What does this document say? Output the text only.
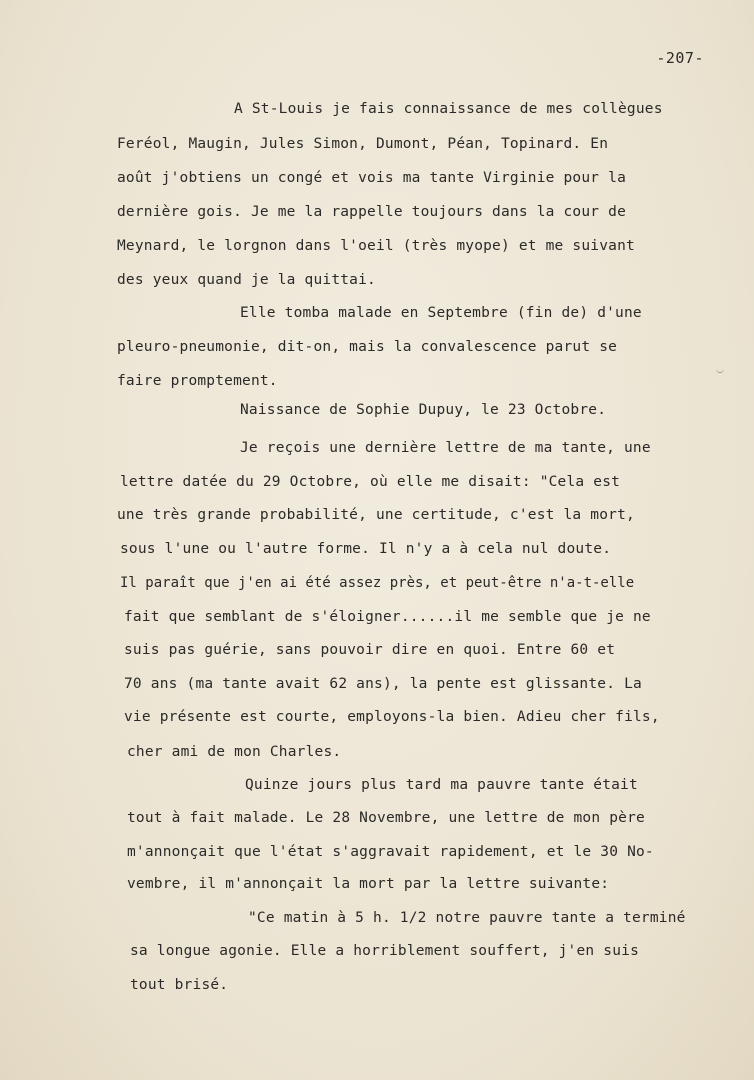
-207-
A St-Louis je fais connaissance de mes collègues
Feréol, Maugin, Jules Simon, Dumont, Péan, Topinard. En
août j'obtiens un congé et vois ma tante Virginie pour la
dernière gois. Je me la rappelle toujours dans la cour de
Meynard, le lorgnon dans l'oeil (très myope) et me suivant
des yeux quand je la quittai.
Elle tomba malade en Septembre (fin de) d'une
pleuro-pneumonie, dit-on, mais la convalescence parut se
faire promptement.
Naissance de Sophie Dupuy, le 23 Octobre.
Je reçois une dernière lettre de ma tante, une
lettre datée du 29 Octobre, où elle me disait: "Cela est
une très grande probabilité, une certitude, c'est la mort,
sous l'une ou l'autre forme. Il n'y a à cela nul doute.
Il paraît que j'en ai été assez près, et peut-être n'a-t-elle
fait que semblant de s'éloigner......il me semble que je ne
suis pas guérie, sans pouvoir dire en quoi. Entre 60 et
70 ans (ma tante avait 62 ans), la pente est glissante. La
vie présente est courte, employons-la bien. Adieu cher fils,
cher ami de mon Charles.
Quinze jours plus tard ma pauvre tante était
tout à fait malade. Le 28 Novembre, une lettre de mon père
m'annonçait que l'état s'aggravait rapidement, et le 30 No-
vembre, il m'annonçait la mort par la lettre suivante:
"Ce matin à 5 h. 1/2 notre pauvre tante a terminé
sa longue agonie. Elle a horriblement souffert, j'en suis
tout brisé.
